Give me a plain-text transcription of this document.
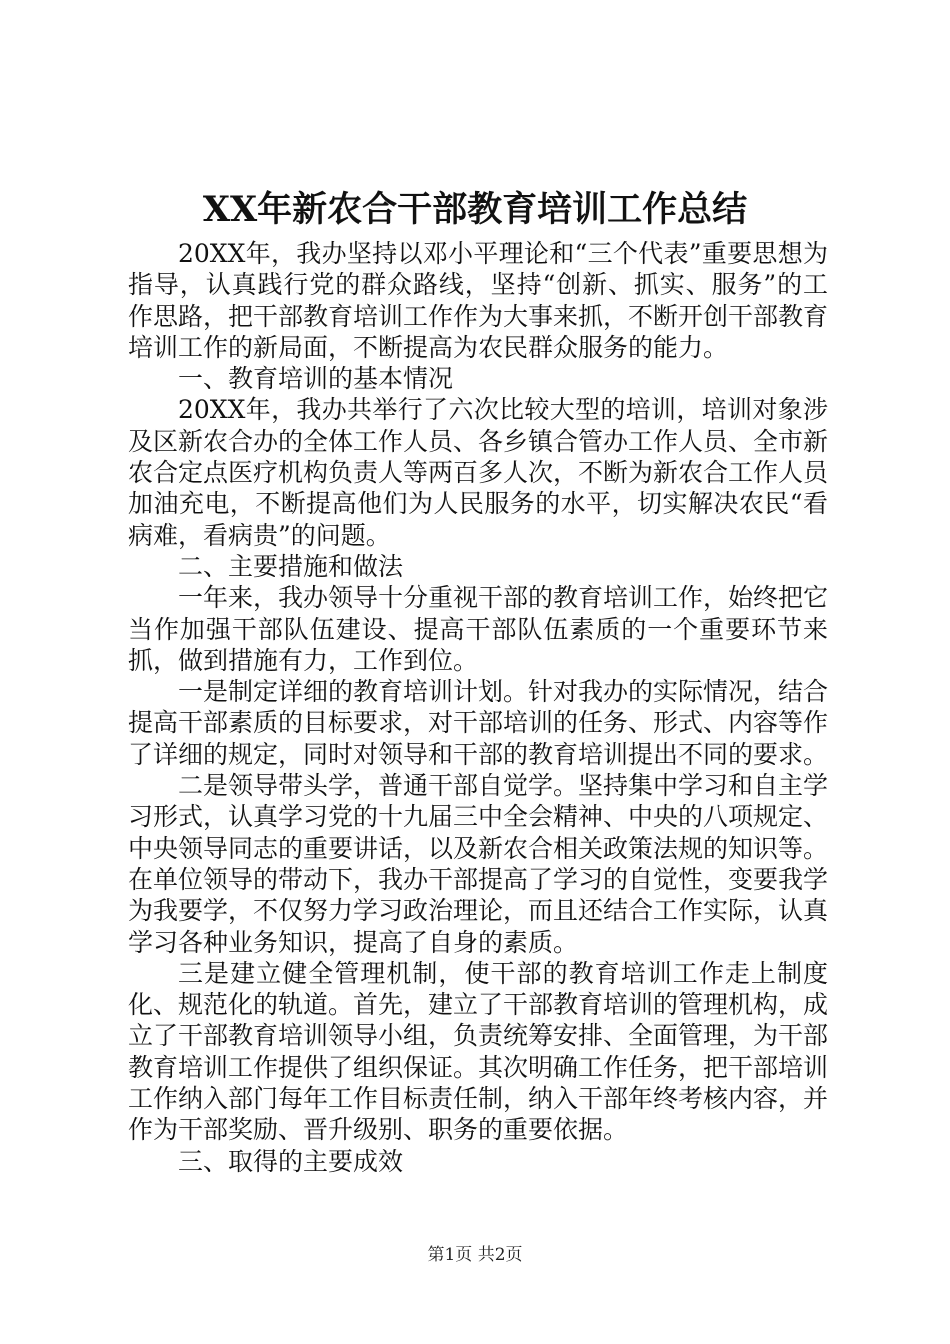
XX年新农合干部教育培训工作总结

20XX年，我办坚持以邓小平理论和“三个代表”重要思想为指导，认真践行党的群众路线，坚持“创新、抓实、服务”的工作思路，把干部教育培训工作作为大事来抓，不断开创干部教育培训工作的新局面，不断提高为农民群众服务的能力。

一、教育培训的基本情况

20XX年，我办共举行了六次比较大型的培训，培训对象涉及区新农合办的全体工作人员、各乡镇合管办工作人员、全市新农合定点医疗机构负责人等两百多人次，不断为新农合工作人员加油充电，不断提高他们为人民服务的水平，切实解决农民“看病难，看病贵”的问题。

二、主要措施和做法

一年来，我办领导十分重视干部的教育培训工作，始终把它当作加强干部队伍建设、提高干部队伍素质的一个重要环节来抓，做到措施有力，工作到位。

一是制定详细的教育培训计划。针对我办的实际情况，结合提高干部素质的目标要求，对干部培训的任务、形式、内容等作了详细的规定，同时对领导和干部的教育培训提出不同的要求。

二是领导带头学，普通干部自觉学。坚持集中学习和自主学习形式，认真学习党的十九届三中全会精神、中央的八项规定、中央领导同志的重要讲话，以及新农合相关政策法规的知识等。在单位领导的带动下，我办干部提高了学习的自觉性，变要我学为我要学，不仅努力学习政治理论，而且还结合工作实际，认真学习各种业务知识，提高了自身的素质。

三是建立健全管理机制，使干部的教育培训工作走上制度化、规范化的轨道。首先，建立了干部教育培训的管理机构，成立了干部教育培训领导小组，负责统筹安排、全面管理，为干部教育培训工作提供了组织保证。其次明确工作任务，把干部培训工作纳入部门每年工作目标责任制，纳入干部年终考核内容，并作为干部奖励、晋升级别、职务的重要依据。

三、取得的主要成效

第1页 共2页
